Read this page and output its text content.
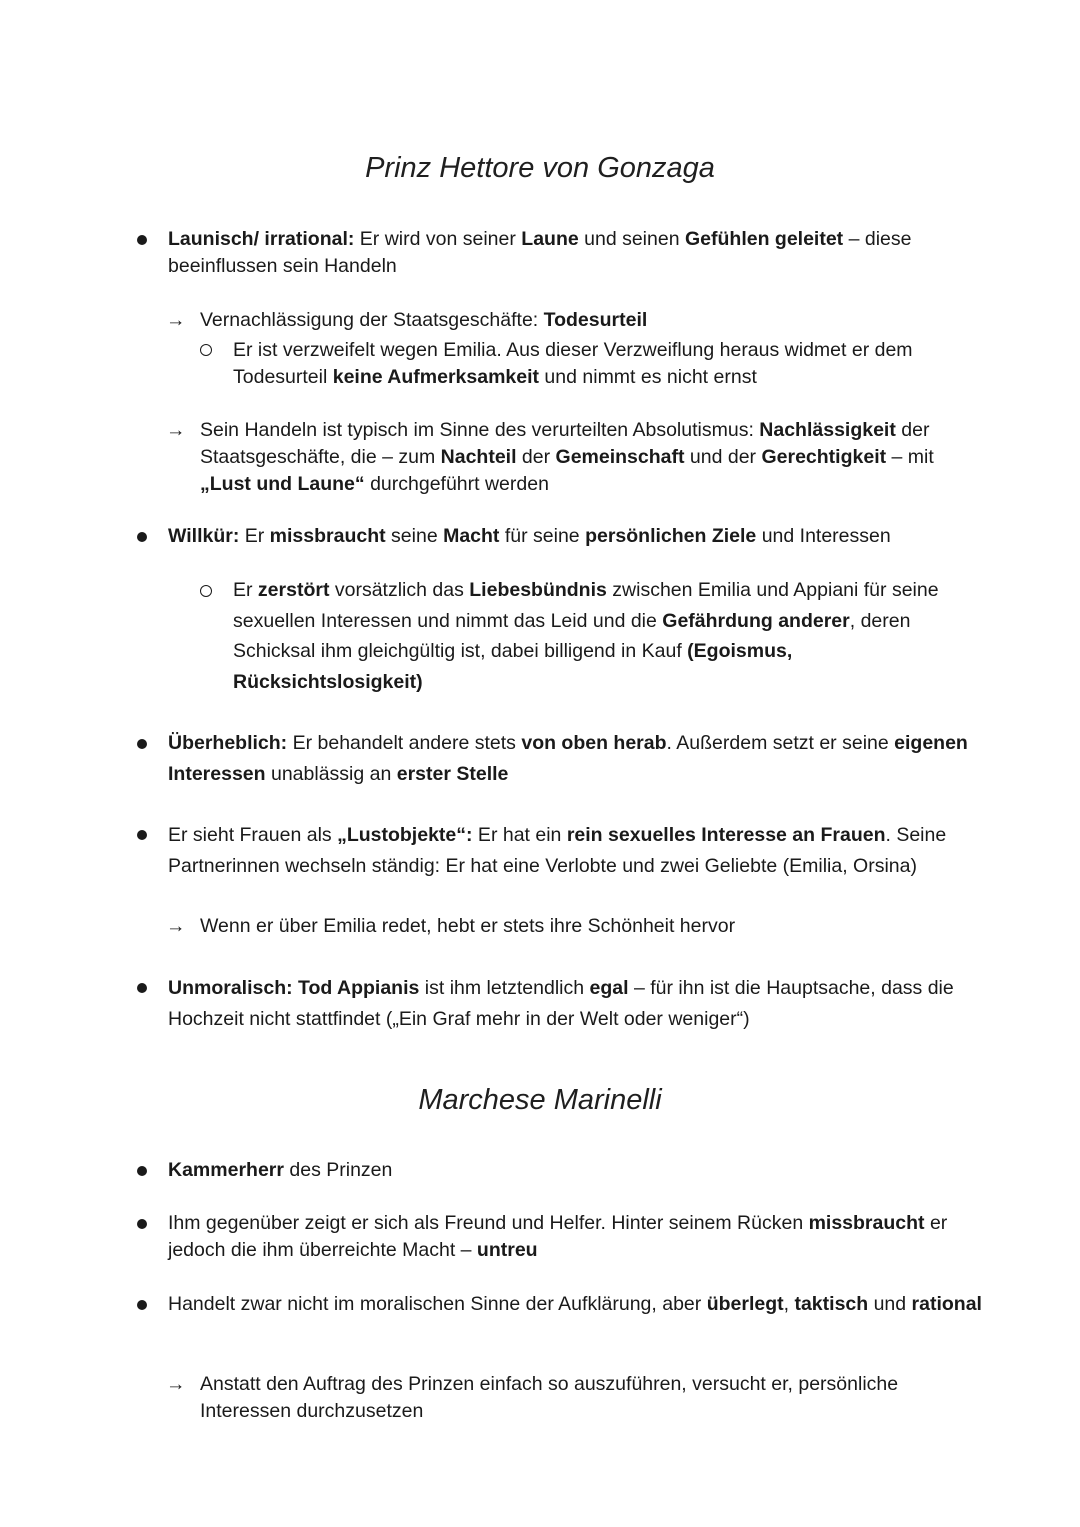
Prinz Hettore von Gonzaga
Launisch/ irrational: Er wird von seiner Laune und seinen Gefühlen geleitet – diese beeinflussen sein Handeln
→ Vernachlässigung der Staatsgeschäfte: Todesurteil
Er ist verzweifelt wegen Emilia. Aus dieser Verzweiflung heraus widmet er dem Todesurteil keine Aufmerksamkeit und nimmt es nicht ernst
→ Sein Handeln ist typisch im Sinne des verurteilten Absolutismus: Nachlässigkeit der Staatsgeschäfte, die – zum Nachteil der Gemeinschaft und der Gerechtigkeit – mit „Lust und Laune“ durchgeführt werden
Willkür: Er missbraucht seine Macht für seine persönlichen Ziele und Interessen
Er zerstört vorsätzlich das Liebesbündnis zwischen Emilia und Appiani für seine sexuellen Interessen und nimmt das Leid und die Gefährdung anderer, deren Schicksal ihm gleichgültig ist, dabei billigend in Kauf (Egoismus, Rücksichtslosigkeit)
Überheblich: Er behandelt andere stets von oben herab. Außerdem setzt er seine eigenen Interessen unablässig an erster Stelle
Er sieht Frauen als „Lustobjekte“: Er hat ein rein sexuelles Interesse an Frauen. Seine Partnerinnen wechseln ständig: Er hat eine Verlobte und zwei Geliebte (Emilia, Orsina)
→ Wenn er über Emilia redet, hebt er stets ihre Schönheit hervor
Unmoralisch: Tod Appianis ist ihm letztendlich egal – für ihn ist die Hauptsache, dass die Hochzeit nicht stattfindet („Ein Graf mehr in der Welt oder weniger“)
Marchese Marinelli
Kammerherr des Prinzen
Ihm gegenüber zeigt er sich als Freund und Helfer. Hinter seinem Rücken missbraucht er jedoch die ihm überreichte Macht – untreu
Handelt zwar nicht im moralischen Sinne der Aufklärung, aber überlegt, taktisch und rational
→ Anstatt den Auftrag des Prinzen einfach so auszuführen, versucht er, persönliche Interessen durchzusetzen
